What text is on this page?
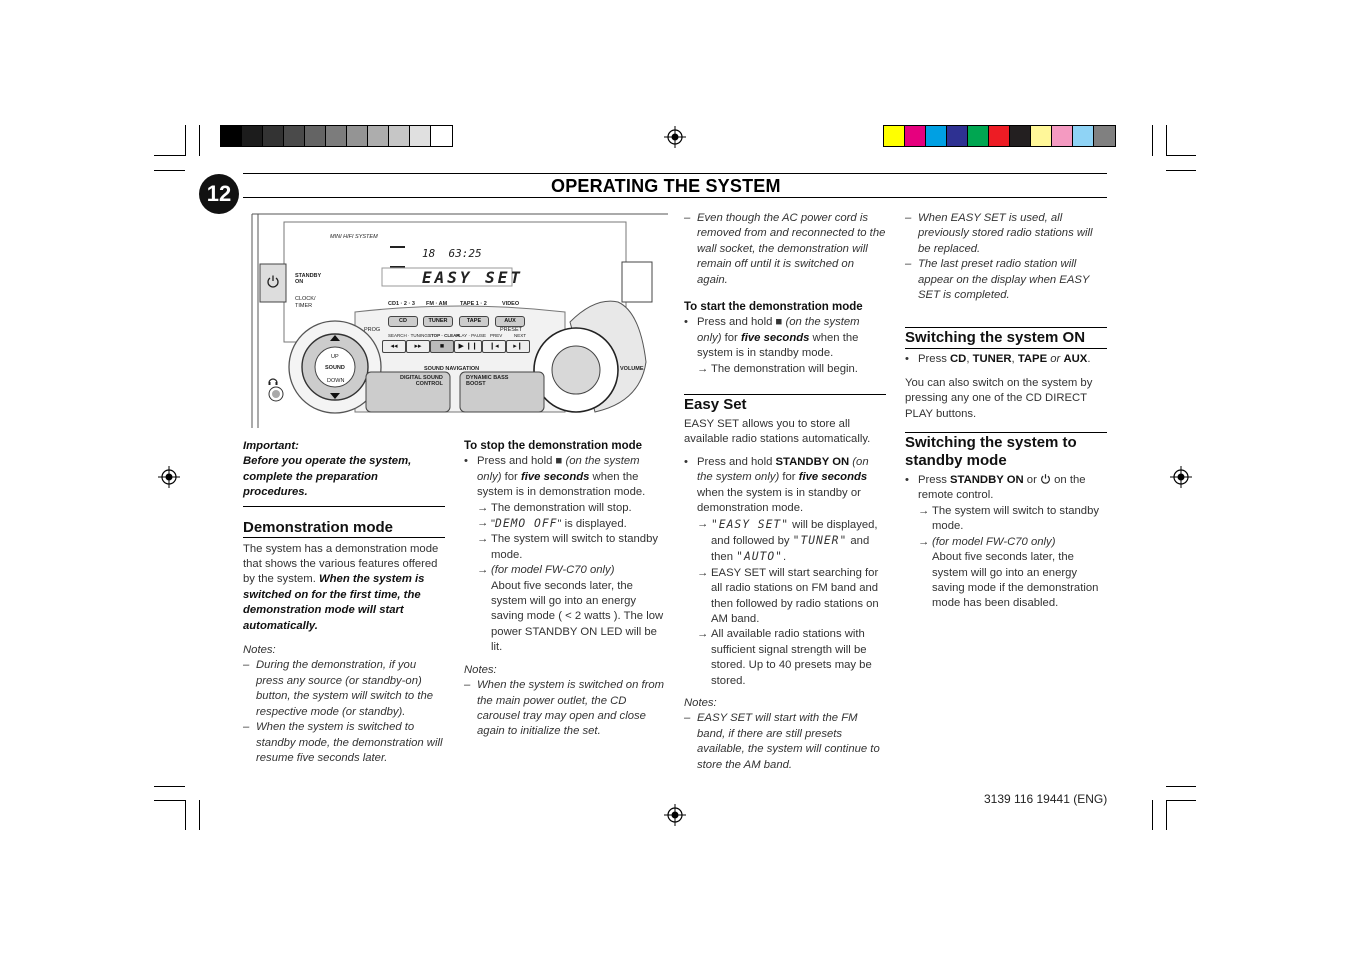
12	OPERATING THE SYSTEM
MINI HIFI SYSTEM
STANDBY
ON
CLOCK/
TIMER
18  63:25
EASY SET
CD1 · 2 · 3 FM · AM TAPE 1 · 2	VIDEO
CD	TUNER	TAPE	AUX
PROG	PRESET
SEARCH · TUNING STOP · CLEAR
PLAY · PAUSE PREV	NEXT
◂◂	▸▸	■	▶ ❙❙	❙◂	▸❙
UP
SOUND
DOWN
SOUND NAVIGATION
DIGITAL SOUND
CONTROL
DYNAMIC BASS
BOOST
VOLUME

Important:

Before you operate the system, complete the preparation procedures.

Demonstration mode

The system has a demonstration mode that shows the various features offered by the system. When the system is switched on for the first time, the demonstration mode will start automatically.

Notes:

– During the demonstration, if you press any source (or standby-on) button, the system will switch to the respective mode (or standby).

– When the system is switched to standby mode, the demonstration will resume five seconds later.

To stop the demonstration mode

• Press and hold ■ (on the system only) for five seconds when the system is in demonstration mode.

→ The demonstration will stop.

→ "DEMO OFF" is displayed.

→ The system will switch to standby mode.

→ (for model FW-C70 only)
About five seconds later, the system will go into an energy saving mode ( < 2 watts ). The low power STANDBY ON LED will be lit.

Notes:

– When the system is switched on from the main power outlet, the CD carousel tray may open and close again to initialize the set.

– Even though the AC power cord is removed from and reconnected to the wall socket, the demonstration will remain off until it is switched on again.

To start the demonstration mode

• Press and hold ■ (on the system only) for five seconds when the system is in standby mode.

→ The demonstration will begin.

Easy Set

EASY SET allows you to store all available radio stations automatically.

• Press and hold STANDBY ON (on the system only) for five seconds when the system is in standby or demonstration mode.

→ "EASY SET" will be displayed, and followed by "TUNER" and then "AUTO".

→ EASY SET will start searching for all radio stations on FM band and then followed by radio stations on AM band.

→ All available radio stations with sufficient signal strength will be stored. Up to 40 presets may be stored.

Notes:

– EASY SET will start with the FM band, if there are still presets available, the system will continue to store the AM band.

– When EASY SET is used, all previously stored radio stations will be replaced.

– The last preset radio station will appear on the display when EASY SET is completed.

Switching the system ON

• Press CD, TUNER, TAPE or AUX.

You can also switch on the system by pressing any one of the CD DIRECT PLAY buttons.

Switching the system to standby mode

• Press STANDBY ON or  on the remote control.

→ The system will switch to standby mode.

→ (for model FW-C70 only)
About five seconds later, the system will go into an energy saving mode if the demonstration mode has been disabled.

3139 116 19441 (ENG)
